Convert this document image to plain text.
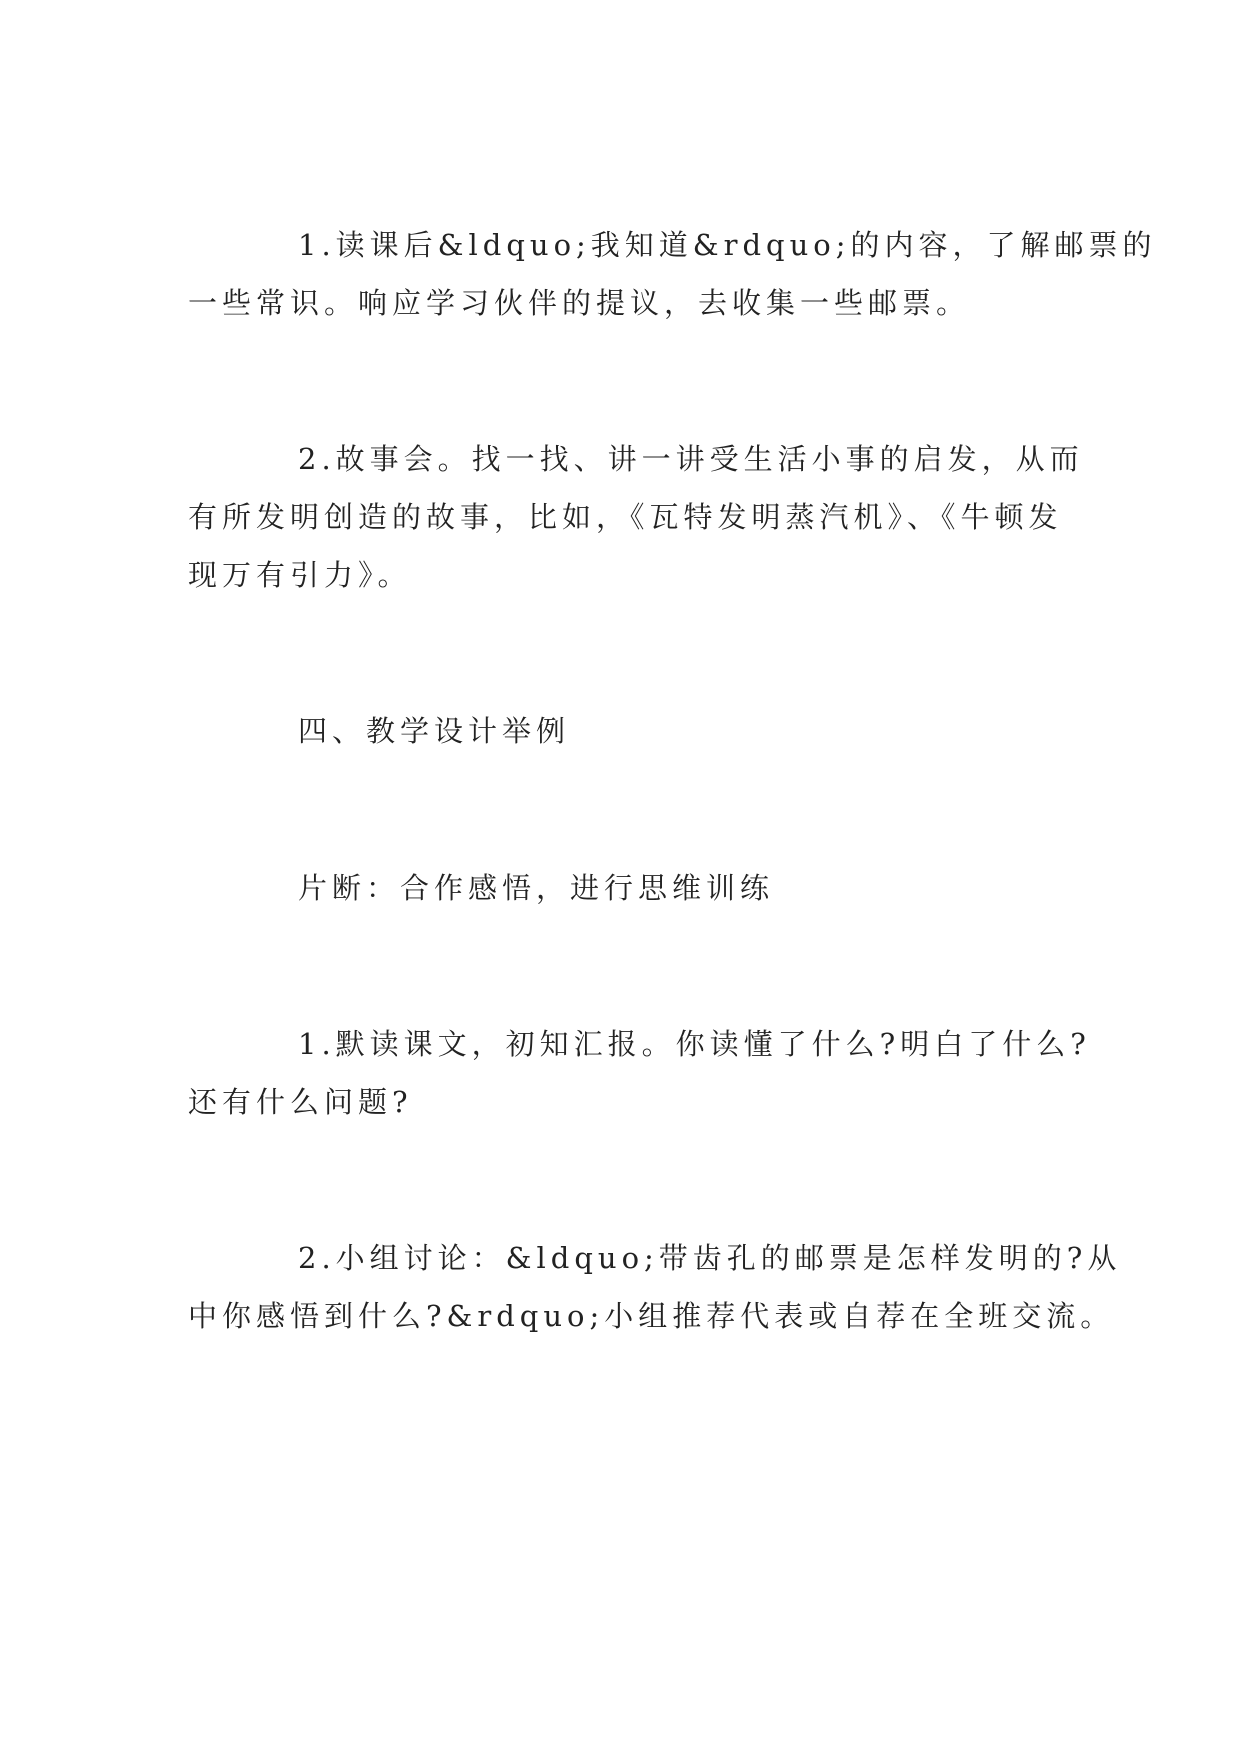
1.读课后&ldquo;我知道&rdquo;的内容，了解邮票的
一些常识。响应学习伙伴的提议，去收集一些邮票。
2.故事会。找一找、讲一讲受生活小事的启发，从而
有所发明创造的故事，比如，《瓦特发明蒸汽机》、《牛顿发
现万有引力》。
四、教学设计举例
片断：合作感悟，进行思维训练
1.默读课文，初知汇报。你读懂了什么?明白了什么?
还有什么问题?
2.小组讨论：&ldquo;带齿孔的邮票是怎样发明的?从
中你感悟到什么?&rdquo;小组推荐代表或自荐在全班交流。
